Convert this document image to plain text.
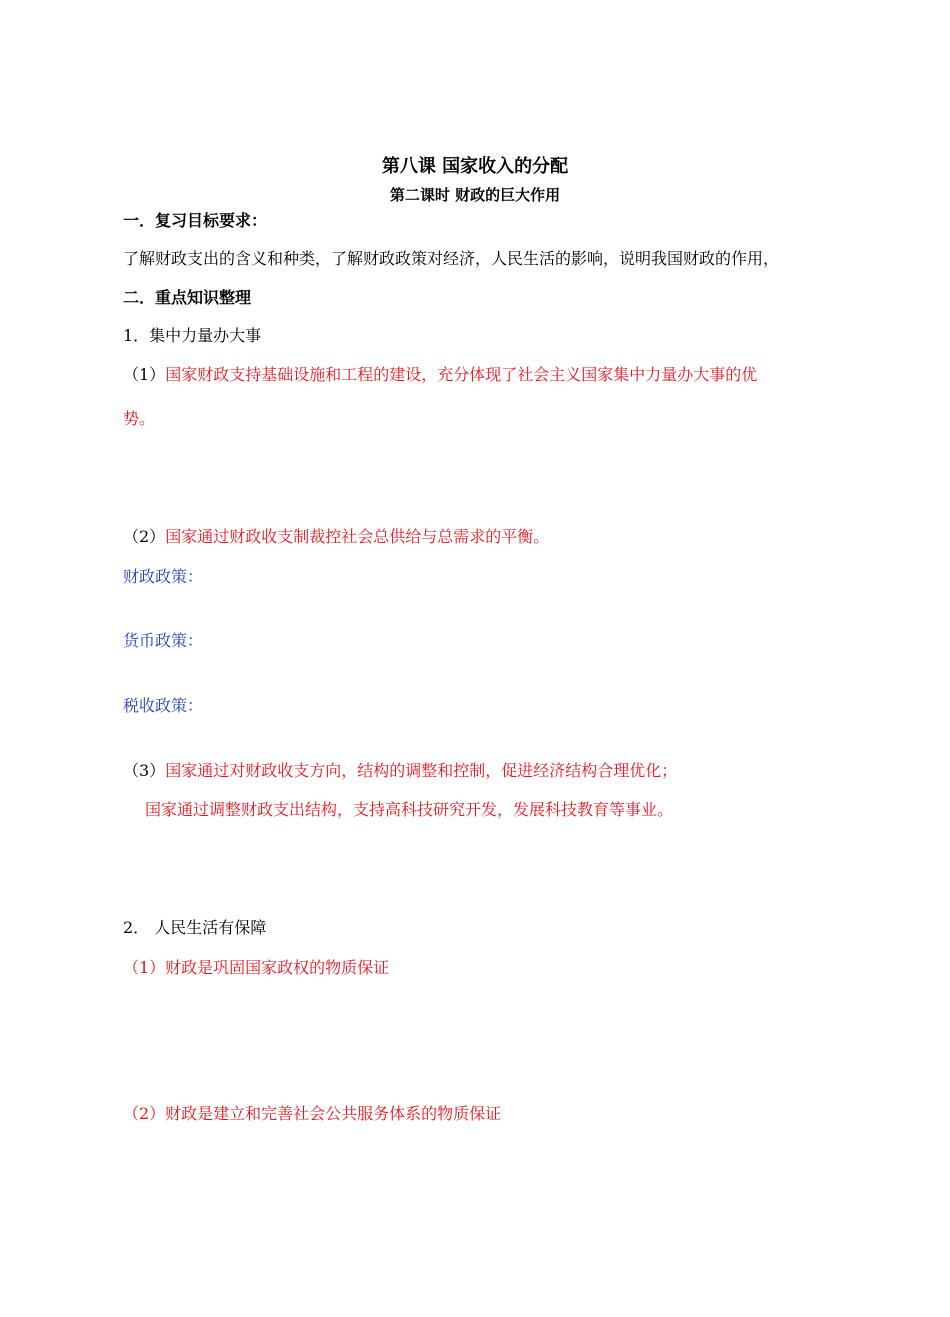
第八课 国家收入的分配
第二课时 财政的巨大作用
一．复习目标要求：
了解财政支出的含义和种类，了解财政政策对经济，人民生活的影响，说明我国财政的作用，
二．重点知识整理
1．集中力量办大事
（1）国家财政支持基础设施和工程的建设，充分体现了社会主义国家集中力量办大事的优
势。
（2）国家通过财政收支制裁控社会总供给与总需求的平衡。
财政政策：
货币政策：
税收政策：
（3）国家通过对财政收支方向，结构的调整和控制，促进经济结构合理优化；
国家通过调整财政支出结构，支持高科技研究开发，发展科技教育等事业。
2． 人民生活有保障
（1）财政是巩固国家政权的物质保证
（2）财政是建立和完善社会公共服务体系的物质保证
